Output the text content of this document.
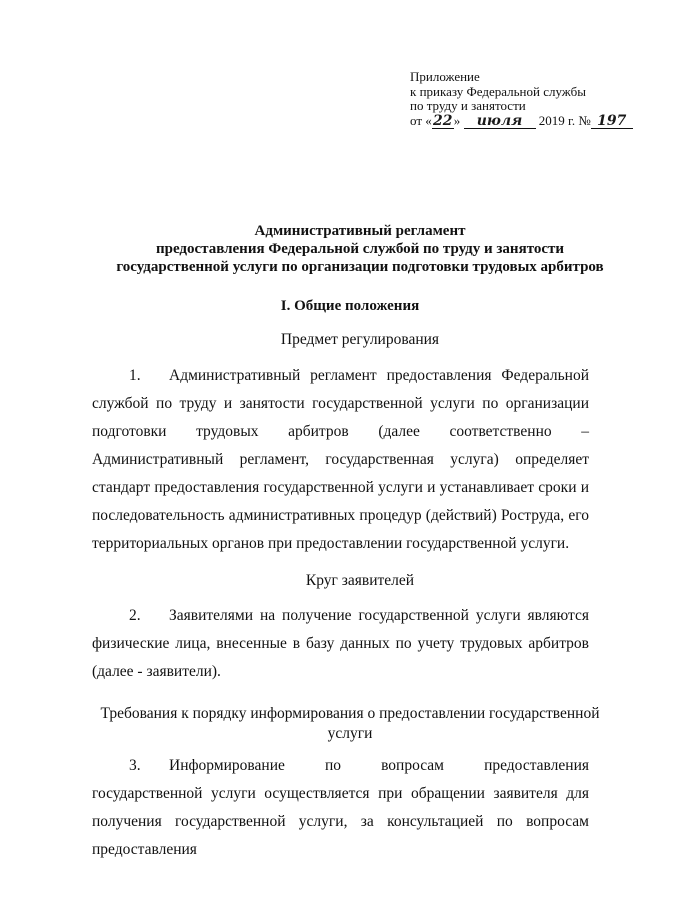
Приложение
к приказу Федеральной службы
по труду и занятости
от «22» июля 2019 г. № 197
Административный регламент
предоставления Федеральной службой по труду и занятости
государственной услуги по организации подготовки трудовых арбитров
I. Общие положения
Предмет регулирования
1. Административный регламент предоставления Федеральной службой по труду и занятости государственной услуги по организации подготовки трудовых арбитров (далее соответственно – Административный регламент, государственная услуга) определяет стандарт предоставления государственной услуги и устанавливает сроки и последовательность административных процедур (действий) Роструда, его территориальных органов при предоставлении государственной услуги.
Круг заявителей
2. Заявителями на получение государственной услуги являются физические лица, внесенные в базу данных по учету трудовых арбитров (далее - заявители).
Требования к порядку информирования о предоставлении государственной услуги
3. Информирование по вопросам предоставления государственной услуги осуществляется при обращении заявителя для получения государственной услуги, за консультацией по вопросам предоставления
